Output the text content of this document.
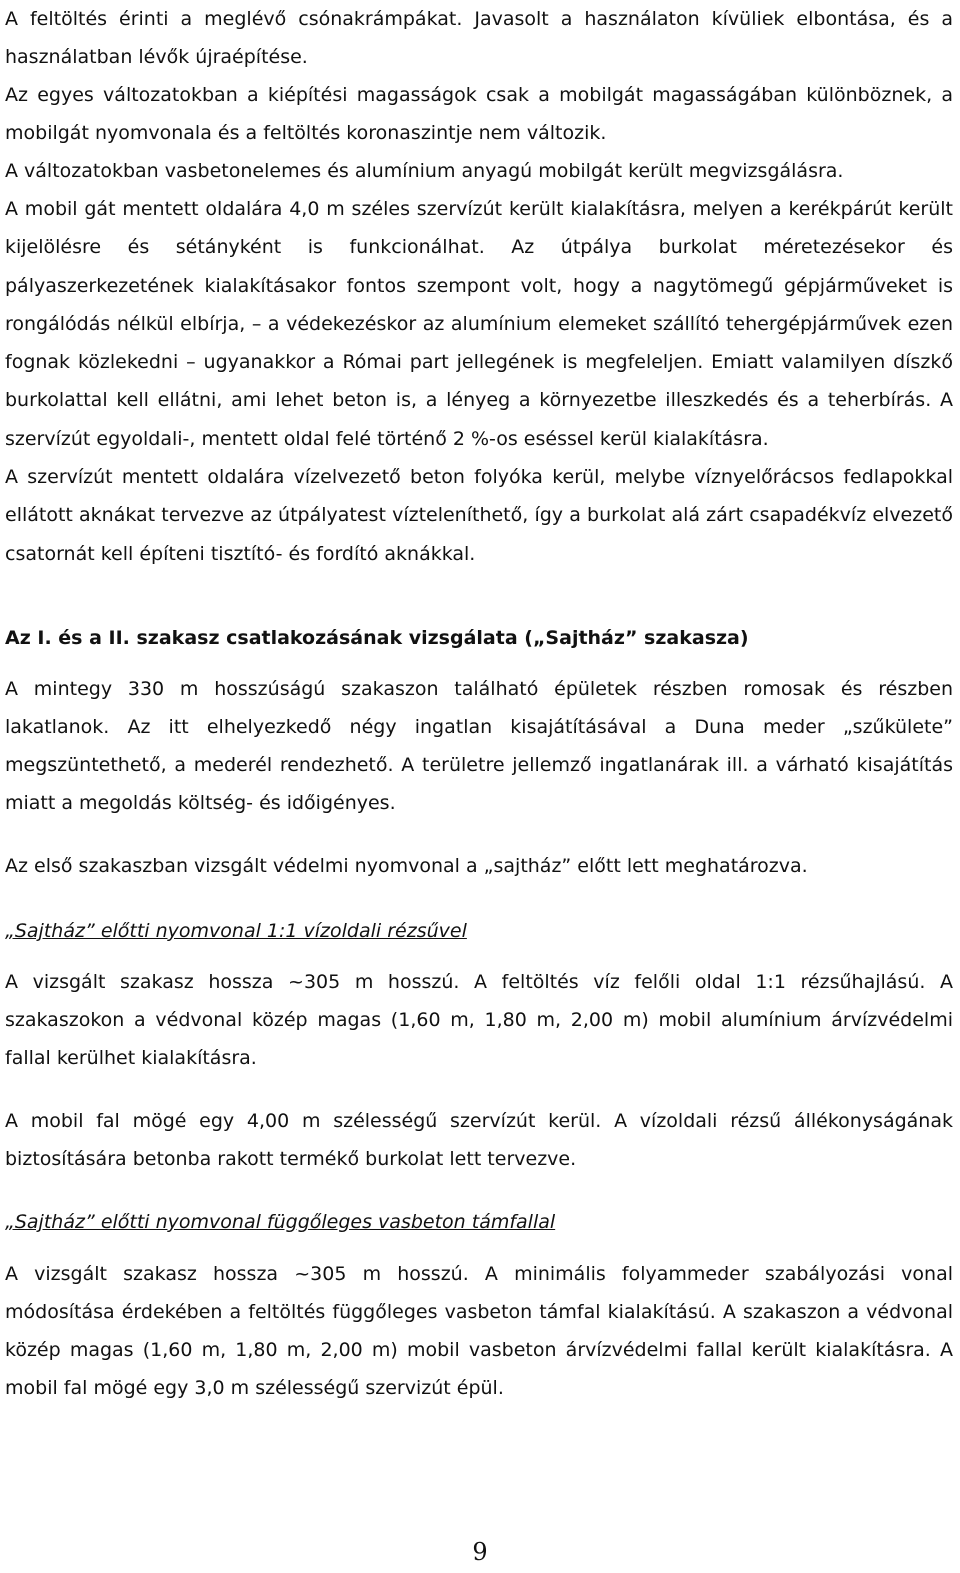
A feltöltés érinti a meglévő csónakrámpákat. Javasolt a használaton kívüliek elbontása, és a használatban lévők újraépítése.

Az egyes változatokban a kiépítési magasságok csak a mobilgát magasságában különböznek, a mobilgát nyomvonala és a feltöltés koronaszintje nem változik.

A változatokban vasbetonelemes és alumínium anyagú mobilgát került megvizsgálásra.

A mobil gát mentett oldalára 4,0 m széles szervízút került kialakításra, melyen a kerékpárút került kijelölésre és sétányként is funkcionálhat. Az útpálya burkolat méretezésekor és pályaszerkezetének kialakításakor fontos szempont volt, hogy a nagytömegű gépjárműveket is rongálódás nélkül elbírja, – a védekezéskor az alumínium elemeket szállító tehergépjárművek ezen fognak közlekedni – ugyanakkor a Római part jellegének is megfeleljen. Emiatt valamilyen díszkő burkolattal kell ellátni, ami lehet beton is, a lényeg a környezetbe illeszkedés és a teherbírás. A szervízút egyoldali-, mentett oldal felé történő 2 %-os eséssel kerül kialakításra.

A szervízút mentett oldalára vízelvezető beton folyóka kerül, melybe víznyelőrácsos fedlapokkal ellátott aknákat tervezve az útpályatest vízteleníthető, így a burkolat alá zárt csapadékvíz elvezető csatornát kell építeni tisztító- és fordító aknákkal.

Az I. és a II. szakasz csatlakozásának vizsgálata („Sajtház” szakasza)

A mintegy 330 m hosszúságú szakaszon található épületek részben romosak és részben lakatlanok. Az itt elhelyezkedő négy ingatlan kisajátításával a Duna meder „szűkülete” megszüntethető, a mederél rendezhető. A területre jellemző ingatlanárak ill. a várható kisajátítás miatt a megoldás költség- és időigényes.

Az első szakaszban vizsgált védelmi nyomvonal a „sajtház” előtt lett meghatározva.

„Sajtház” előtti nyomvonal 1:1 vízoldali rézsűvel

A vizsgált szakasz hossza ~305 m hosszú. A feltöltés víz felőli oldal 1:1 rézsűhajlású. A szakaszokon a védvonal közép magas (1,60 m, 1,80 m, 2,00 m) mobil alumínium árvízvédelmi fallal kerülhet kialakításra.

A mobil fal mögé egy 4,00 m szélességű szervízút kerül. A vízoldali rézsű állékonyságának biztosítására betonba rakott termékő burkolat lett tervezve.

„Sajtház” előtti nyomvonal függőleges vasbeton támfallal

A vizsgált szakasz hossza ~305 m hosszú. A minimális folyammeder szabályozási vonal módosítása érdekében a feltöltés függőleges vasbeton támfal kialakítású. A szakaszon a védvonal közép magas (1,60 m, 1,80 m, 2,00 m) mobil vasbeton árvízvédelmi fallal került kialakításra. A mobil fal mögé egy 3,0 m szélességű szervizút épül.

9
